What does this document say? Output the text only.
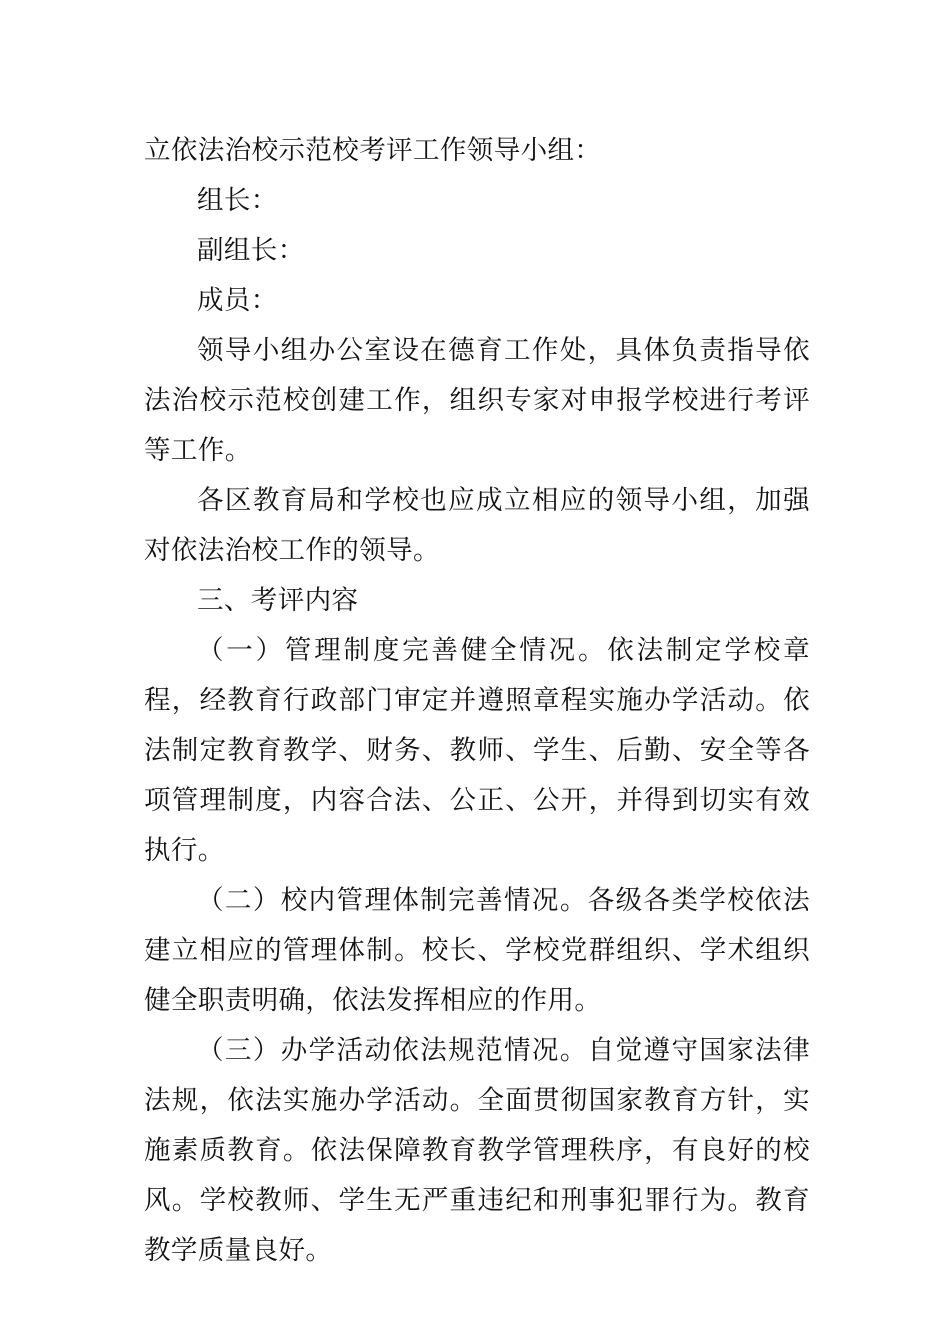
立依法治校示范校考评工作领导小组：

组长：

副组长：

成员：

领导小组办公室设在德育工作处，具体负责指导依法治校示范校创建工作，组织专家对申报学校进行考评等工作。

各区教育局和学校也应成立相应的领导小组，加强对依法治校工作的领导。

三、考评内容

（一）管理制度完善健全情况。依法制定学校章程，经教育行政部门审定并遵照章程实施办学活动。依法制定教育教学、财务、教师、学生、后勤、安全等各项管理制度，内容合法、公正、公开，并得到切实有效执行。

（二）校内管理体制完善情况。各级各类学校依法建立相应的管理体制。校长、学校党群组织、学术组织健全职责明确，依法发挥相应的作用。

（三）办学活动依法规范情况。自觉遵守国家法律法规，依法实施办学活动。全面贯彻国家教育方针，实施素质教育。依法保障教育教学管理秩序，有良好的校风。学校教师、学生无严重违纪和刑事犯罪行为。教育教学质量良好。
